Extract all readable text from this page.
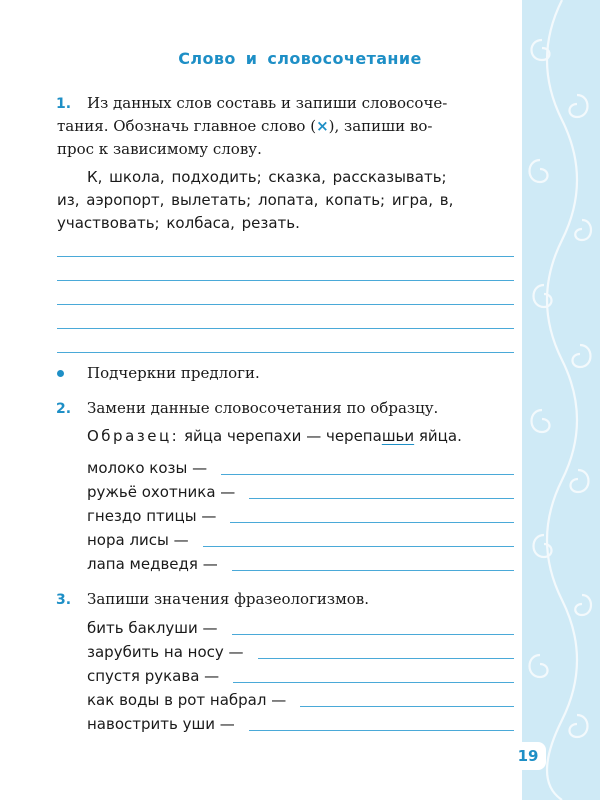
Слово и словосочетание
1. Из данных слов составь и запиши словосоче-
тания. Обозначь главное слово (×), запиши во-
прос к зависимому слову.
К, школа, подходить; сказка, рассказывать;
из, аэропорт, вылетать; лопата, копать; игра, в,
участвовать; колбаса, резать.
Подчеркни предлоги.
2. Замени данные словосочетания по образцу.
Образец: яйца черепахи — черепашьи яйца.
молоко козы —
ружьё охотника —
гнездо птицы —
нора лисы —
лапа медведя —
3. Запиши значения фразеологизмов.
бить баклуши —
зарубить на носу —
спустя рукава —
как воды в рот набрал —
навострить уши —
19
